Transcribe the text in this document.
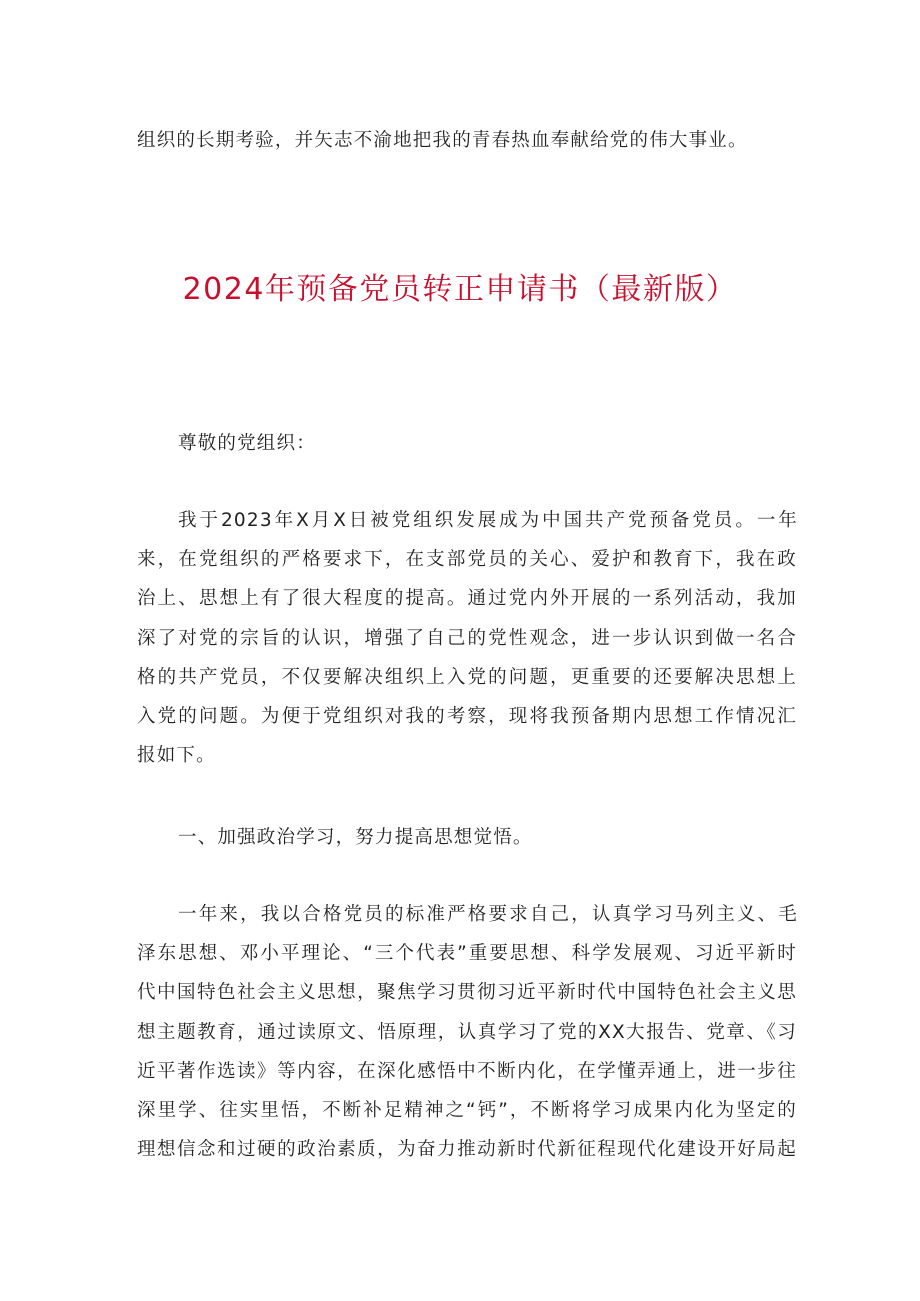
组织的长期考验，并矢志不渝地把我的青春热血奉献给党的伟大事业。
2024年预备党员转正申请书（最新版）
尊敬的党组织：
我于2023年X月X日被党组织发展成为中国共产党预备党员。一年
来，在党组织的严格要求下，在支部党员的关心、爱护和教育下，我在政
治上、思想上有了很大程度的提高。通过党内外开展的一系列活动，我加
深了对党的宗旨的认识，增强了自己的党性观念，进一步认识到做一名合
格的共产党员，不仅要解决组织上入党的问题，更重要的还要解决思想上
入党的问题。为便于党组织对我的考察，现将我预备期内思想工作情况汇
报如下。
一、加强政治学习，努力提高思想觉悟。
一年来，我以合格党员的标准严格要求自己，认真学习马列主义、毛
泽东思想、邓小平理论、“三个代表”重要思想、科学发展观、习近平新时
代中国特色社会主义思想，聚焦学习贯彻习近平新时代中国特色社会主义思
想主题教育，通过读原文、悟原理，认真学习了党的XX大报告、党章、《习
近平著作选读》等内容，在深化感悟中不断内化，在学懂弄通上，进一步往
深里学、往实里悟，不断补足精神之“钙”，不断将学习成果内化为坚定的
理想信念和过硬的政治素质，为奋力推动新时代新征程现代化建设开好局起
